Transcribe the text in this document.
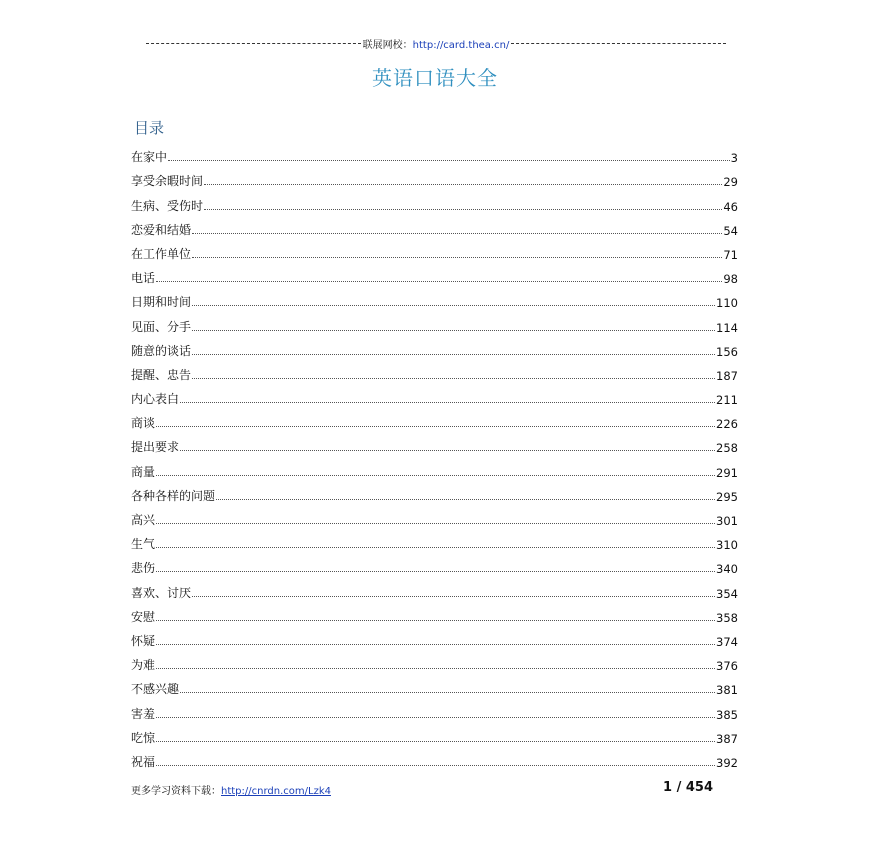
联展网校：http://card.thea.cn/
英语口语大全
目录
在家中	3
享受余暇时间	29
生病、受伤时	46
恋爱和结婚	54
在工作单位	71
电话	98
日期和时间	110
见面、分手	114
随意的谈话	156
提醒、忠告	187
内心表白	211
商谈	226
提出要求	258
商量	291
各种各样的问题	295
高兴	301
生气	310
悲伤	340
喜欢、讨厌	354
安慰	358
怀疑	374
为难	376
不感兴趣	381
害羞	385
吃惊	387
祝福	392
更多学习资料下载：http://cnrdn.com/Lzk4	1 / 454
